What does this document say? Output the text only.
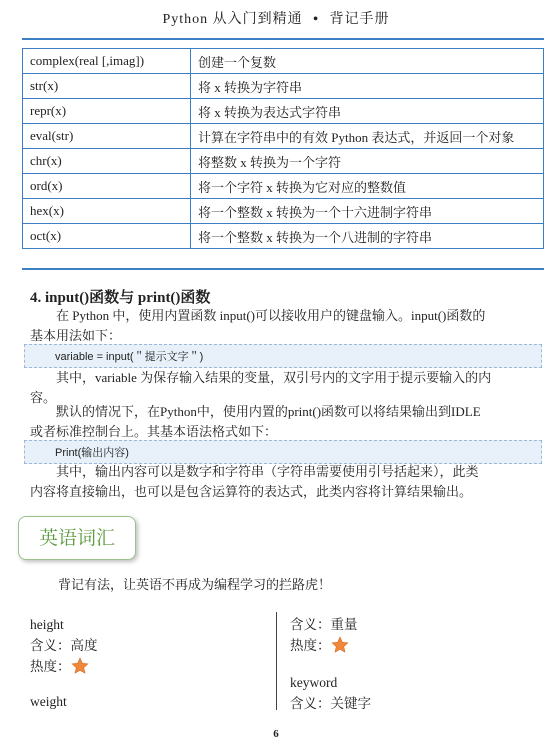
Python 从入门到精通 • 背记手册
complex(real [,imag])	创建一个复数
str(x)	将 x 转换为字符串
repr(x)	将 x 转换为表达式字符串
eval(str)	计算在字符串中的有效 Python 表达式，并返回一个对象
chr(x)	将整数 x 转换为一个字符
ord(x)	将一个字符 x 转换为它对应的整数值
hex(x)	将一个整数 x 转换为一个十六进制字符串
oct(x)	将一个整数 x 转换为一个八进制的字符串
4. input()函数与 print()函数

在 Python 中，使用内置函数 input()可以接收用户的键盘输入。input()函数的

基本用法如下：
variable = input(＂提示文字＂)

其中，variable 为保存输入结果的变量，双引号内的文字用于提示要输入的内

容。

默认的情况下，在Python中，使用内置的print()函数可以将结果输出到IDLE

或者标准控制台上。其基本语法格式如下：
Print(输出内容)

其中，输出内容可以是数字和字符串（字符串需要使用引号括起来），此类

内容将直接输出，也可以是包含运算符的表达式，此类内容将计算结果输出。
英语词汇
背记有法，让英语不再成为编程学习的拦路虎！
height
含义：高度
热度：
weight
含义：重量
热度：
keyword
含义：关键字
6
